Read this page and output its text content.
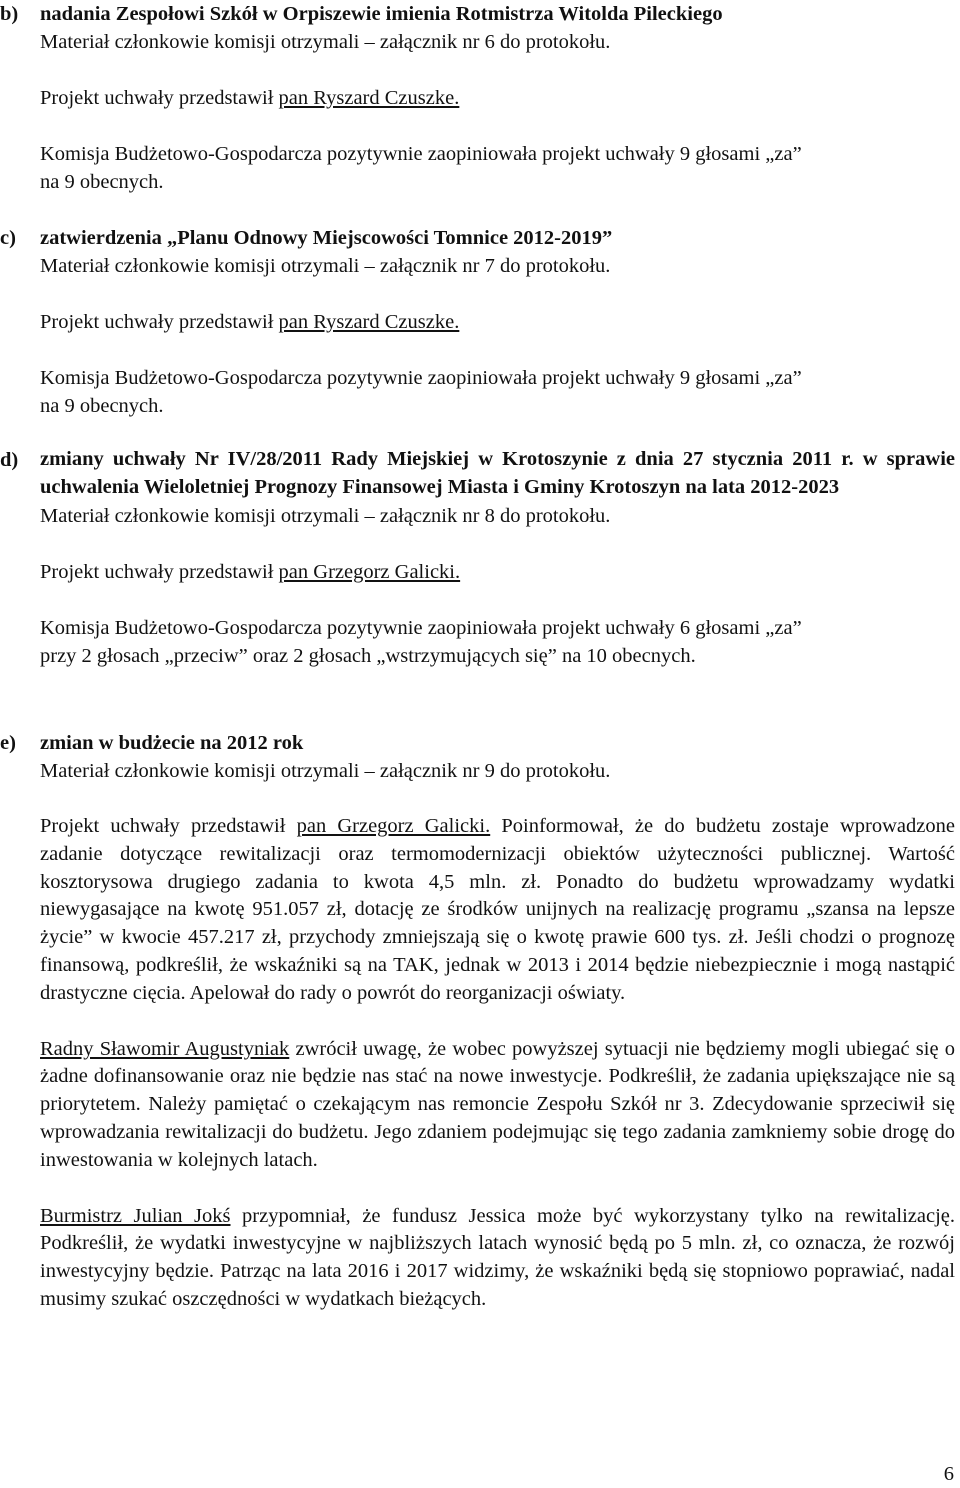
b) nadania Zespołowi Szkół w Orpiszewie imienia Rotmistrza Witolda Pileckiego
Materiał członkowie komisji otrzymali – załącznik nr 6 do protokołu.
Projekt uchwały przedstawił pan Ryszard Czuszke.
Komisja Budżetowo-Gospodarcza pozytywnie zaopiniowała projekt uchwały 9 głosami „za”
na 9 obecnych.
c) zatwierdzenia „Planu Odnowy Miejscowości Tomnice 2012-2019”
Materiał członkowie komisji otrzymali – załącznik nr 7 do protokołu.
Projekt uchwały przedstawił pan Ryszard Czuszke.
Komisja Budżetowo-Gospodarcza pozytywnie zaopiniowała projekt uchwały 9 głosami „za”
na 9 obecnych.
d) zmiany uchwały Nr IV/28/2011 Rady Miejskiej w Krotoszynie z dnia 27 stycznia 2011 r. w sprawie uchwalenia Wieloletniej Prognozy Finansowej Miasta i Gminy Krotoszyn na lata 2012-2023
Materiał członkowie komisji otrzymali – załącznik nr 8 do protokołu.
Projekt uchwały przedstawił pan Grzegorz Galicki.
Komisja Budżetowo-Gospodarcza pozytywnie zaopiniowała projekt uchwały 6 głosami „za”
przy 2 głosach „przeciw” oraz 2 głosach „wstrzymujących się” na 10 obecnych.
e) zmian w budżecie na 2012 rok
Materiał członkowie komisji otrzymali – załącznik nr 9 do protokołu.
Projekt uchwały przedstawił pan Grzegorz Galicki. Poinformował, że do budżetu zostaje wprowadzone zadanie dotyczące rewitalizacji oraz termomodernizacji obiektów użyteczności publicznej. Wartość kosztorysowa drugiego zadania to kwota 4,5 mln. zł. Ponadto do budżetu wprowadzamy wydatki niewygasające na kwotę 951.057 zł, dotację ze środków unijnych na realizację programu „szansa na lepsze życie” w kwocie 457.217 zł, przychody zmniejszają się o kwotę prawie 600 tys. zł. Jeśli chodzi o prognozę finansową, podkreślił, że wskaźniki są na TAK, jednak w 2013 i 2014 będzie niebezpiecznie i mogą nastąpić drastyczne cięcia. Apelował do rady o powrót do reorganizacji oświaty.
Radny Sławomir Augustyniak zwrócił uwagę, że wobec powyższej sytuacji nie będziemy mogli ubiegać się o żadne dofinansowanie oraz nie będzie nas stać na nowe inwestycje. Podkreślił, że zadania upiększające nie są priorytetem. Należy pamiętać o czekającym nas remoncie Zespołu Szkół nr 3. Zdecydowanie sprzeciwił się wprowadzania rewitalizacji do budżetu. Jego zdaniem podejmując się tego zadania zamkniemy sobie drogę do inwestowania w kolejnych latach.
Burmistrz Julian Jokś przypomniał, że fundusz Jessica może być wykorzystany tylko na rewitalizację. Podkreślił, że wydatki inwestycyjne w najbliższych latach wynosić będą po 5 mln. zł, co oznacza, że rozwój inwestycyjny będzie. Patrząc na lata 2016 i 2017 widzimy, że wskaźniki będą się stopniowo poprawiać, nadal musimy szukać oszczędności w wydatkach bieżących.
6
